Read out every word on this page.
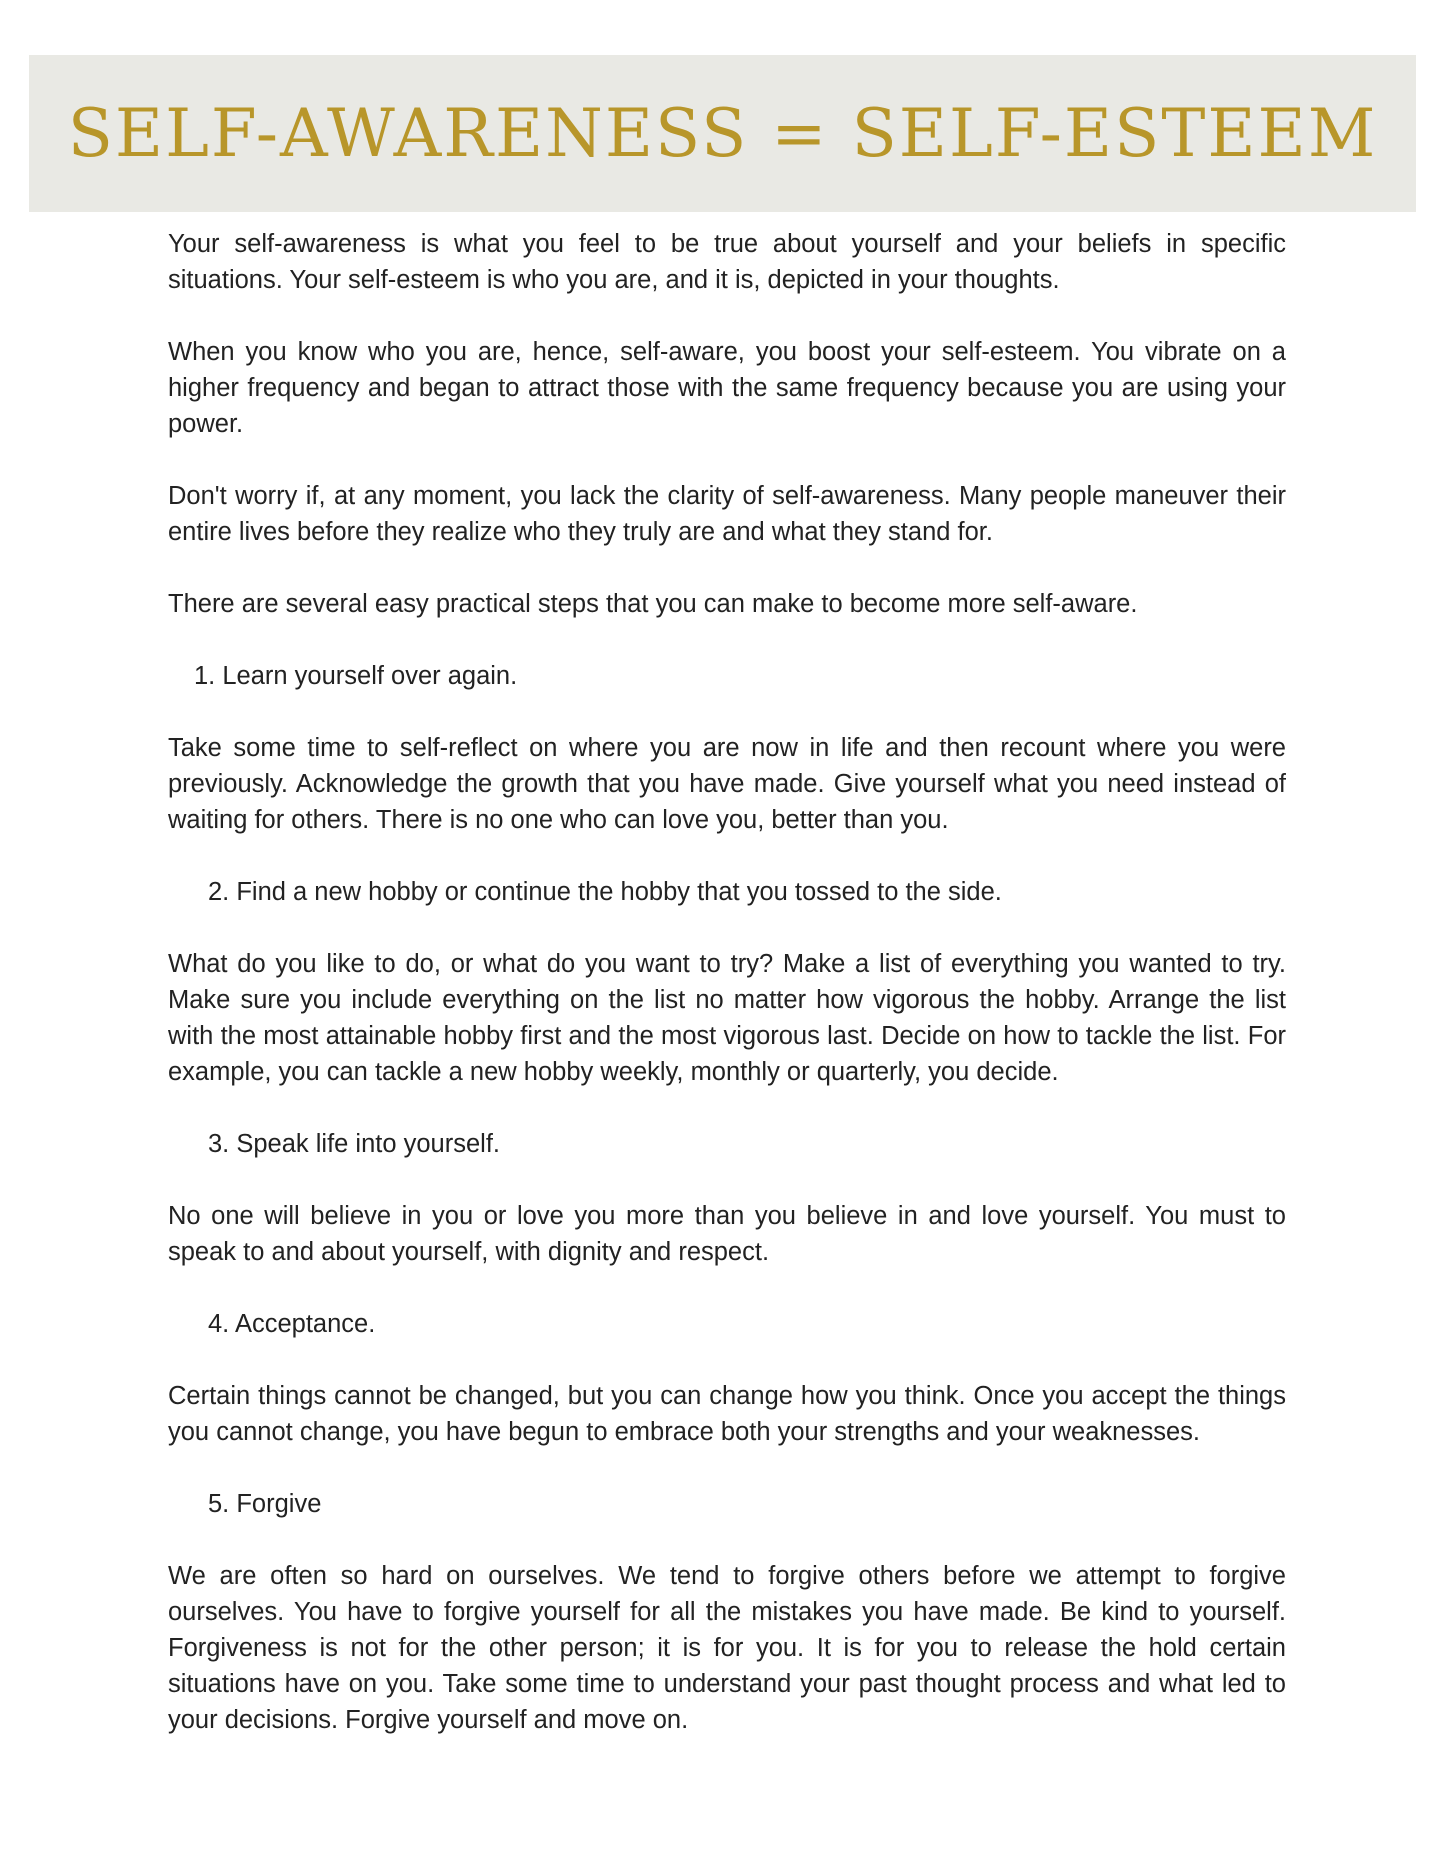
SELF-AWARENESS = SELF-ESTEEM

Your self-awareness is what you feel to be true about yourself and your beliefs in specific situations. Your self-esteem is who you are, and it is, depicted in your thoughts.

When you know who you are, hence, self-aware, you boost your self-esteem. You vibrate on a higher frequency and began to attract those with the same frequency because you are using your power.

Don't worry if, at any moment, you lack the clarity of self-awareness. Many people maneuver their entire lives before they realize who they truly are and what they stand for.

There are several easy practical steps that you can make to become more self-aware.

1. Learn yourself over again.

Take some time to self-reflect on where you are now in life and then recount where you were previously. Acknowledge the growth that you have made. Give yourself what you need instead of waiting for others. There is no one who can love you, better than you.

2. Find a new hobby or continue the hobby that you tossed to the side.

What do you like to do, or what do you want to try? Make a list of everything you wanted to try. Make sure you include everything on the list no matter how vigorous the hobby. Arrange the list with the most attainable hobby first and the most vigorous last. Decide on how to tackle the list. For example, you can tackle a new hobby weekly, monthly or quarterly, you decide.

3. Speak life into yourself.

No one will believe in you or love you more than you believe in and love yourself. You must to speak to and about yourself, with dignity and respect.

4. Acceptance.

Certain things cannot be changed, but you can change how you think. Once you accept the things you cannot change, you have begun to embrace both your strengths and your weaknesses.

5. Forgive

We are often so hard on ourselves. We tend to forgive others before we attempt to forgive ourselves. You have to forgive yourself for all the mistakes you have made. Be kind to yourself. Forgiveness is not for the other person; it is for you. It is for you to release the hold certain situations have on you. Take some time to understand your past thought process and what led to your decisions. Forgive yourself and move on.
